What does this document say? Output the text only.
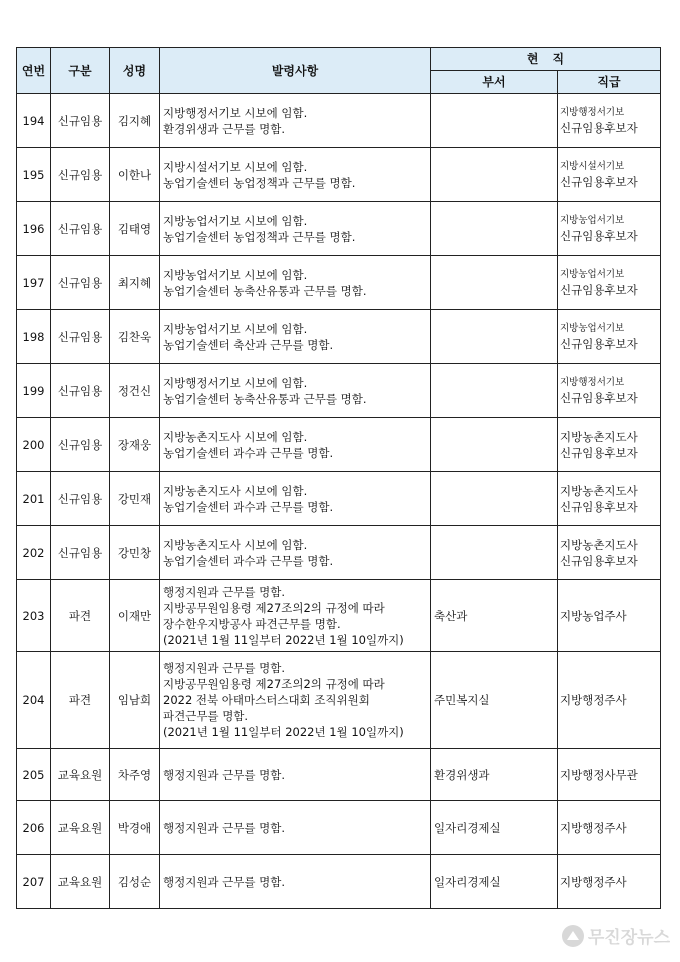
연번	구분	성명	발령사항	현직	
				부서	직급
194	신규임용	김지혜	지방행정서기보 시보에 임함.
환경위생과 근무를 명함.		지방행정서기보
신규임용후보자

195	신규임용	이한나	지방시설서기보 시보에 임함.
농업기술센터 농업정책과 근무를 명함.		지방시설서기보
신규임용후보자

196	신규임용	김태영	지방농업서기보 시보에 임함.
농업기술센터 농업정책과 근무를 명함.		지방농업서기보
신규임용후보자

197	신규임용	최지혜	지방농업서기보 시보에 임함.
농업기술센터 농축산유통과 근무를 명함.		지방농업서기보
신규임용후보자

198	신규임용	김찬욱	지방농업서기보 시보에 임함.
농업기술센터 축산과 근무를 명함.		지방농업서기보
신규임용후보자

199	신규임용	정건신	지방행정서기보 시보에 임함.
농업기술센터 농축산유통과 근무를 명함.		지방행정서기보
신규임용후보자

200	신규임용	장재웅	지방농촌지도사 시보에 임함.
농업기술센터 과수과 근무를 명함.		지방농촌지도사
신규임용후보자

201	신규임용	강민재	지방농촌지도사 시보에 임함.
농업기술센터 과수과 근무를 명함.		지방농촌지도사
신규임용후보자

202	신규임용	강민창	지방농촌지도사 시보에 임함.
농업기술센터 과수과 근무를 명함.		지방농촌지도사
신규임용후보자

203	파견	이재만	행정지원과 근무를 명함.
지방공무원임용령 제27조의2의 규정에 따라
장수한우지방공사 파견근무를 명함.
(2021년 1월 11일부터 2022년 1월 10일까지)	축산과	지방농업주사

204	파견	임남희	행정지원과 근무를 명함.
지방공무원임용령 제27조의2의 규정에 따라
2022 전북 아태마스터스대회 조직위원회
파견근무를 명함.
(2021년 1월 11일부터 2022년 1월 10일까지)	주민복지실	지방행정주사

205	교육요원	차주영	행정지원과 근무를 명함.	환경위생과	지방행정사무관

206	교육요원	박경애	행정지원과 근무를 명함.	일자리경제실	지방행정주사

207	교육요원	김성순	행정지원과 근무를 명함.	일자리경제실	지방행정주사
무진장뉴스
